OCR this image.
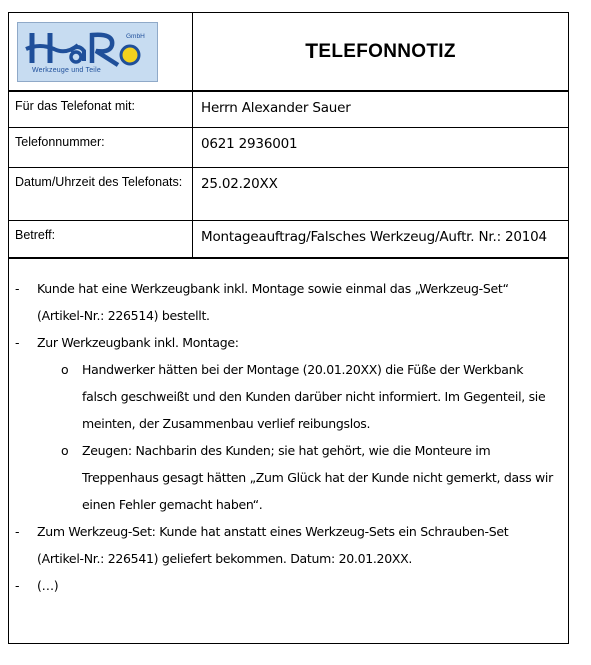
GmbH
Werkzeuge und Teile
T ELEFONNOTIZ
Für das Telefonat mit:	Herrn Alexander Sauer
Telefonnummer:	0621 2936001
Datum/Uhrzeit des Telefonats:	25.02.20XX
Betreff:	Montageauftrag/Falsches Werkzeug/Auftr. Nr.: 20104
- Kunde hat eine Werkzeugbank inkl. Montage sowie einmal das „Werkzeug-Set“ (Artikel-Nr.: 226514) bestellt.
- Zur Werkzeugbank inkl. Montage:
o Handwerker hätten bei der Montage (20.01.20XX) die Füße der Werkbank falsch geschweißt und den Kunden darüber nicht informiert. Im Gegenteil, sie meinten, der Zusammenbau verlief reibungslos.
o Zeugen: Nachbarin des Kunden; sie hat gehört, wie die Monteure im Treppenhaus gesagt hätten „Zum Glück hat der Kunde nicht gemerkt, dass wir einen Fehler gemacht haben“.
- Zum Werkzeug-Set: Kunde hat anstatt eines Werkzeug-Sets ein Schrauben-Set (Artikel-Nr.: 226541) geliefert bekommen. Datum: 20.01.20XX.
- (…)
